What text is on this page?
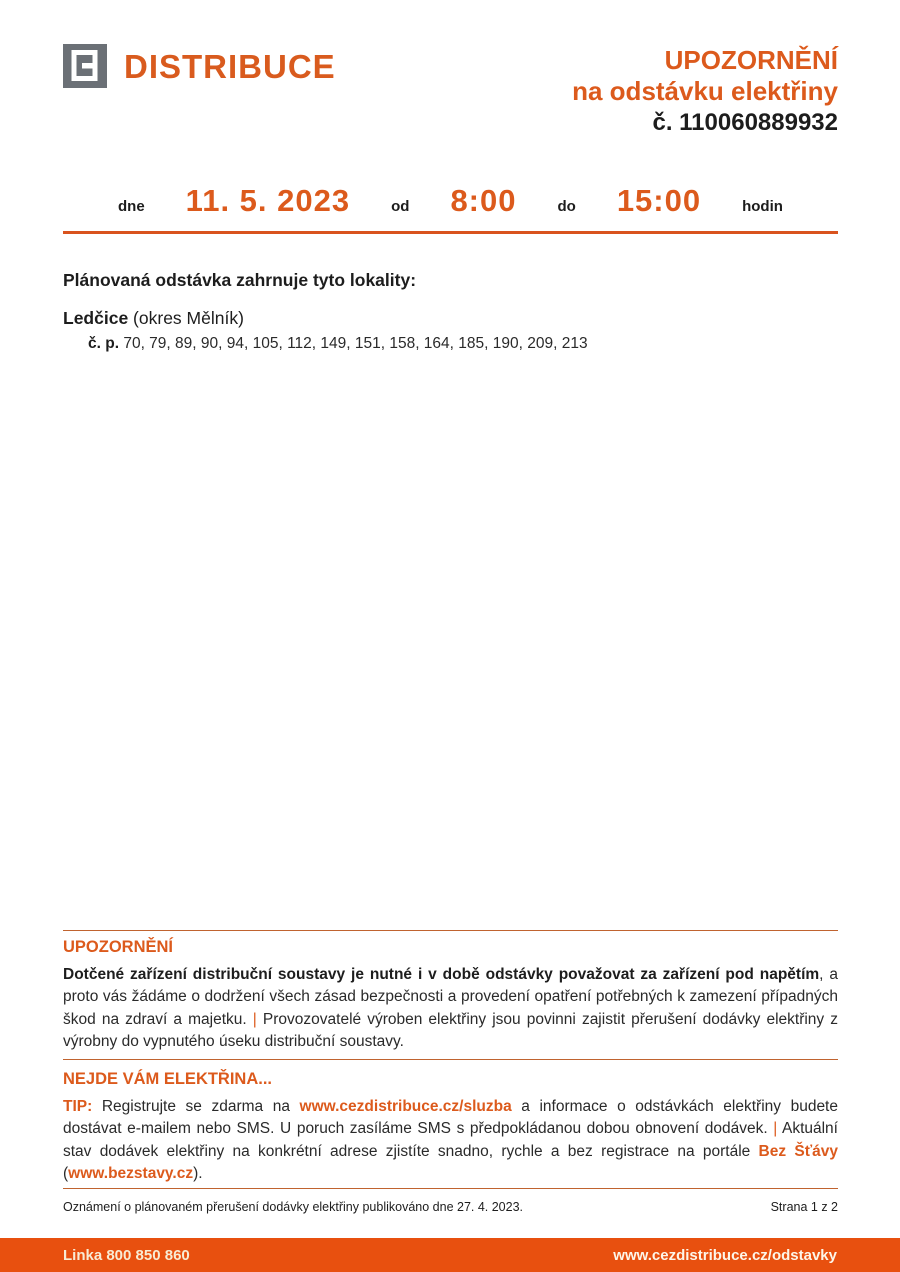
DISTRIBUCE	UPOZORNĚNÍ
na odstávku elektřiny
č. 110060889932
dne 11. 5. 2023	od 8:00	do 15:00	hodin
Plánovaná odstávka zahrnuje tyto lokality:
Ledčice (okres Mělník)
č. p. 70, 79, 89, 90, 94, 105, 112, 149, 151, 158, 164, 185, 190, 209, 213

UPOZORNĚNÍ

Dotčené zařízení distribuční soustavy je nutné i v době odstávky považovat za zařízení pod napětím, a proto vás žádáme o dodržení všech zásad bezpečnosti a provedení opatření potřebných k zamezení případných škod na zdraví a majetku. | Provozovatelé výroben elektřiny jsou povinni zajistit přerušení dodávky elektřiny z výrobny do vypnutého úseku distribuční soustavy.

NEJDE VÁM ELEKTŘINA...

TIP: Registrujte se zdarma na www.cezdistribuce.cz/sluzba a informace o odstávkách elektřiny budete dostávat e-mailem nebo SMS. U poruch zasíláme SMS s předpokládanou dobou obnovení dodávek. | Aktuální stav dodávek elektřiny na konkrétní adrese zjistíte snadno, rychle a bez registrace na portále Bez Šťávy (www.bezstavy.cz).

Oznámení o plánovaném přerušení dodávky elektřiny publikováno dne 27. 4. 2023.	Strana 1 z 2
Linka 800 850 860	www.cezdistribuce.cz/odstavky
